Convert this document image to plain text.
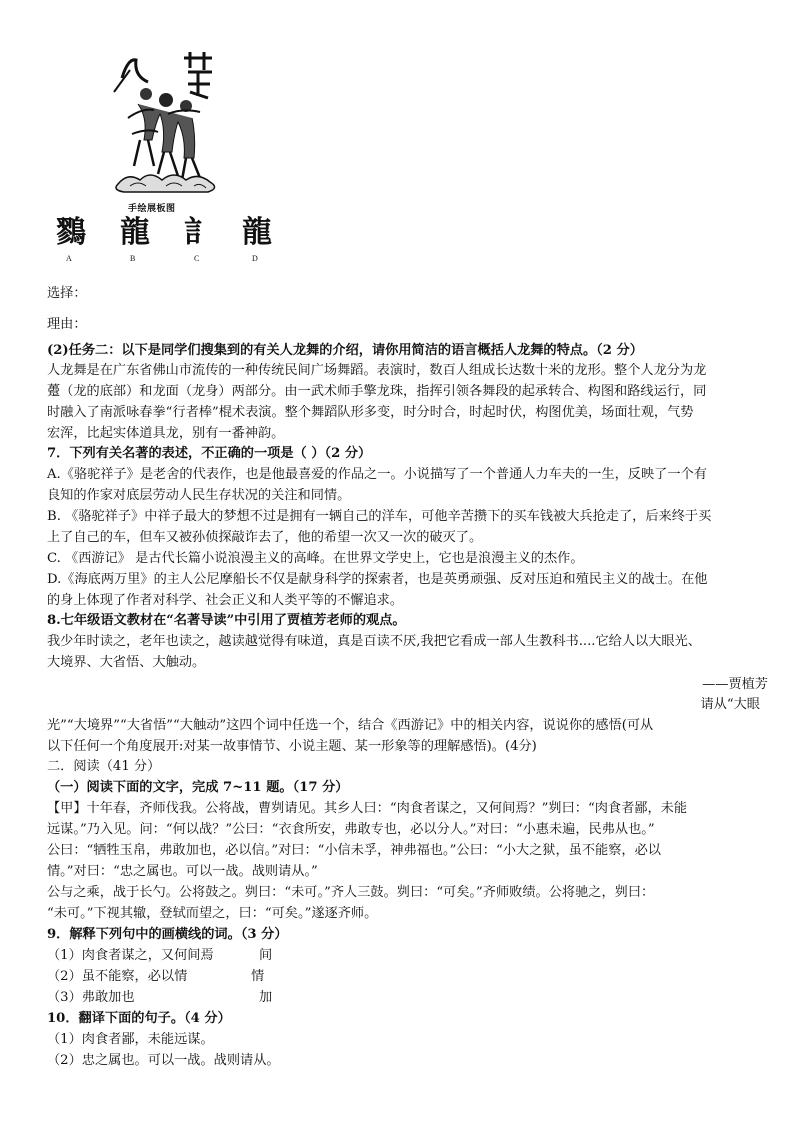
手绘展板图
鷚
A
龍
B
訁
C
龍
D
选择：
理由：
(2)任务二：以下是同学们搜集到的有关人龙舞的介绍，请你用简洁的语言概括人龙舞的特点。（2 分）
人龙舞是在广东省佛山市流传的一种传统民间广场舞蹈。表演时，数百人组成长达数十米的龙形。整个人龙分为龙
躉（龙的底部）和龙面（龙身）两部分。由一武术师手擎龙珠，指挥引领各舞段的起承转合、构图和路线运行，同
时融入了南派咏春拳“行者棒”棍术表演。整个舞蹈队形多变，时分时合，时起时伏，构图优美，场面壮观，气势
宏浑，比起实体道具龙，别有一番神韵。
7．下列有关名著的表述，不正确的一项是（ ）（2 分）
A.《骆驼祥子》是老舍的代表作，也是他最喜爱的作品之一。小说描写了一个普通人力车夫的一生，反映了一个有
良知的作家对底层劳动人民生存状况的关注和同情。
B. 《骆驼祥子》中祥子最大的梦想不过是拥有一辆自己的洋车，可他辛苦攒下的买车钱被大兵抢走了，后来终于买
上了自己的车，但车又被孙侦探敲诈去了，他的希望一次又一次的破灭了。
C. 《西游记》 是古代长篇小说浪漫主义的高峰。在世界文学史上，它也是浪漫主义的杰作。
D.《海底两万里》的主人公尼摩船长不仅是献身科学的探索者，也是英勇顽强、反对压迫和殖民主义的战士。在他
的身上体现了作者对科学、社会正义和人类平等的不懈追求。
8.七年级语文教材在“名著导读”中引用了贾植芳老师的观点。
我少年时读之，老年也读之，越读越觉得有味道，真是百读不厌,我把它看成一部人生教科书....它给人以大眼光、
大境界、大省悟、大触动。
——贾植芳
请从“大眼
光”“大境界”“大省悟”“大触动”这四个词中任选一个，结合《西游记》中的相关内容，说说你的感悟(可从
以下任何一个角度展开:对某一故事情节、小说主题、某一形象等的理解感悟)。(4分)
二．阅读（41 分）
（一）阅读下面的文字，完成 7~11 题。（17 分）
【甲】十年春，齐师伐我。公将战，曹刿请见。其乡人曰：“肉食者谋之，又何间焉？”刿曰：“肉食者鄙，未能
远谋。”乃入见。问：“何以战？”公曰：“衣食所安，弗敢专也，必以分人。”对曰：“小惠未遍，民弗从也。”
公曰：“牺牲玉帛，弗敢加也，必以信。”对曰：“小信未孚，神弗福也。”公曰：“小大之狱，虽不能察，必以
情。”对曰：“忠之属也。可以一战。战则请从。”
公与之乘，战于长勺。公将鼓之。刿曰：“未可。”齐人三鼓。刿曰：“可矣。”齐师败绩。公将驰之，刿曰：
“未可。”下视其辙，登轼而望之，曰：“可矣。”遂逐齐师。
9．解释下列句中的画横线的词。（3 分）
（1）肉食者谋之，又何间焉	间
（2）虽不能察，必以情	情
（3）弗敢加也	加
10．翻译下面的句子。（4 分）
（1）肉食者鄙，未能远谋。
（2）忠之属也。可以一战。战则请从。
